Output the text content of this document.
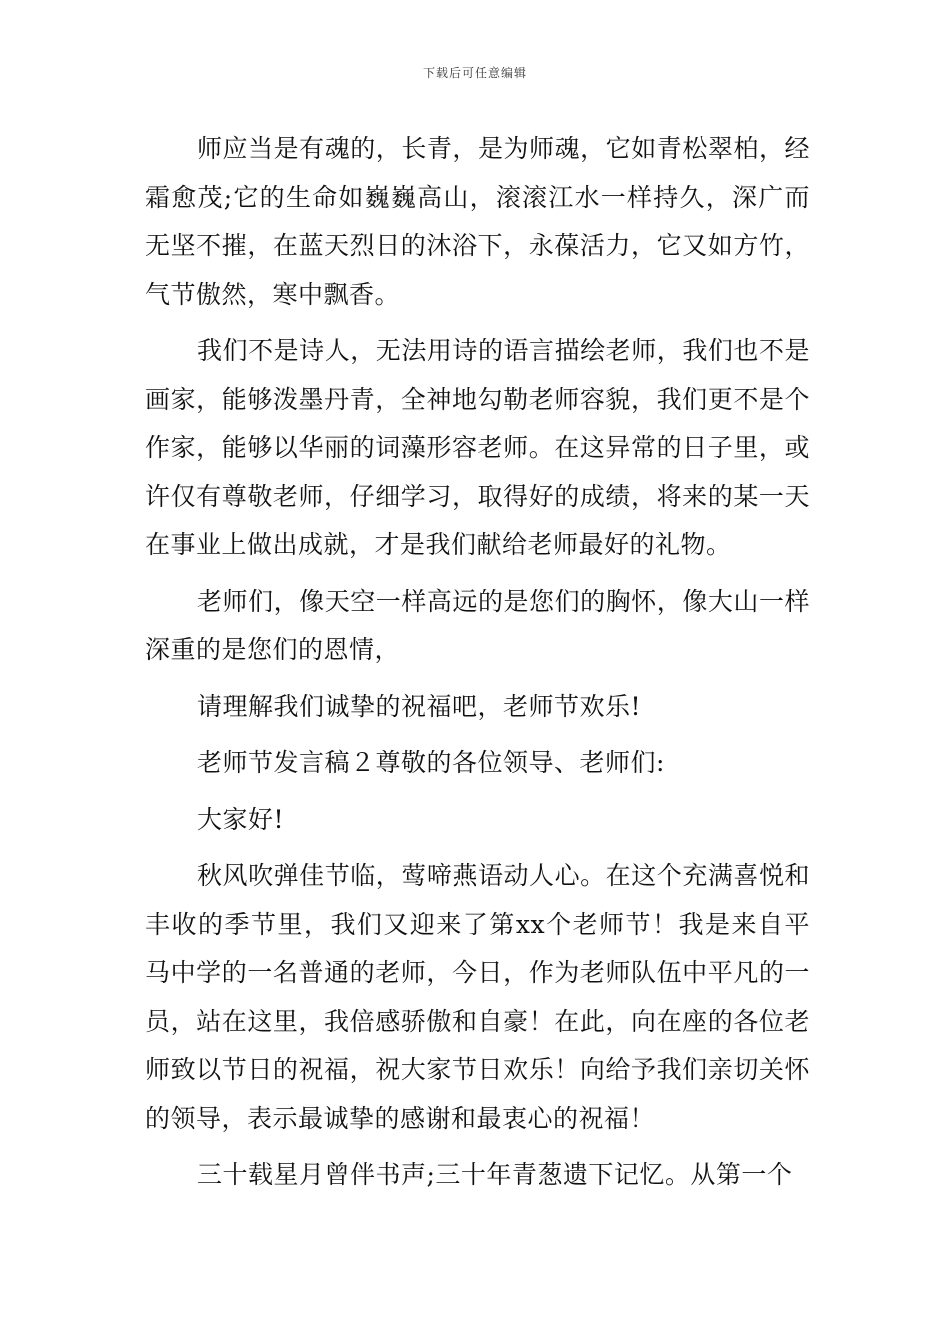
下载后可任意编辑

师应当是有魂的，长青，是为师魂，它如青松翠柏，经霜愈茂;它的生命如巍巍高山，滚滚江水一样持久，深广而无坚不摧，在蓝天烈日的沐浴下，永葆活力，它又如方竹，气节傲然，寒中飘香。

我们不是诗人，无法用诗的语言描绘老师，我们也不是画家，能够泼墨丹青，全神地勾勒老师容貌，我们更不是个作家，能够以华丽的词藻形容老师。在这异常的日子里，或许仅有尊敬老师，仔细学习，取得好的成绩，将来的某一天在事业上做出成就，才是我们献给老师最好的礼物。

老师们，像天空一样高远的是您们的胸怀，像大山一样深重的是您们的恩情，

请理解我们诚挚的祝福吧，老师节欢乐!

老师节发言稿２尊敬的各位领导、老师们:

大家好!

秋风吹弹佳节临，莺啼燕语动人心。在这个充满喜悦和丰收的季节里，我们又迎来了第xx个老师节！我是来自平马中学的一名普通的老师，今日，作为老师队伍中平凡的一员，站在这里，我倍感骄傲和自豪！在此，向在座的各位老师致以节日的祝福，祝大家节日欢乐！向给予我们亲切关怀的领导，表示最诚挚的感谢和最衷心的祝福！

三十载星月曾伴书声;三十年青葱遗下记忆。从第一个
